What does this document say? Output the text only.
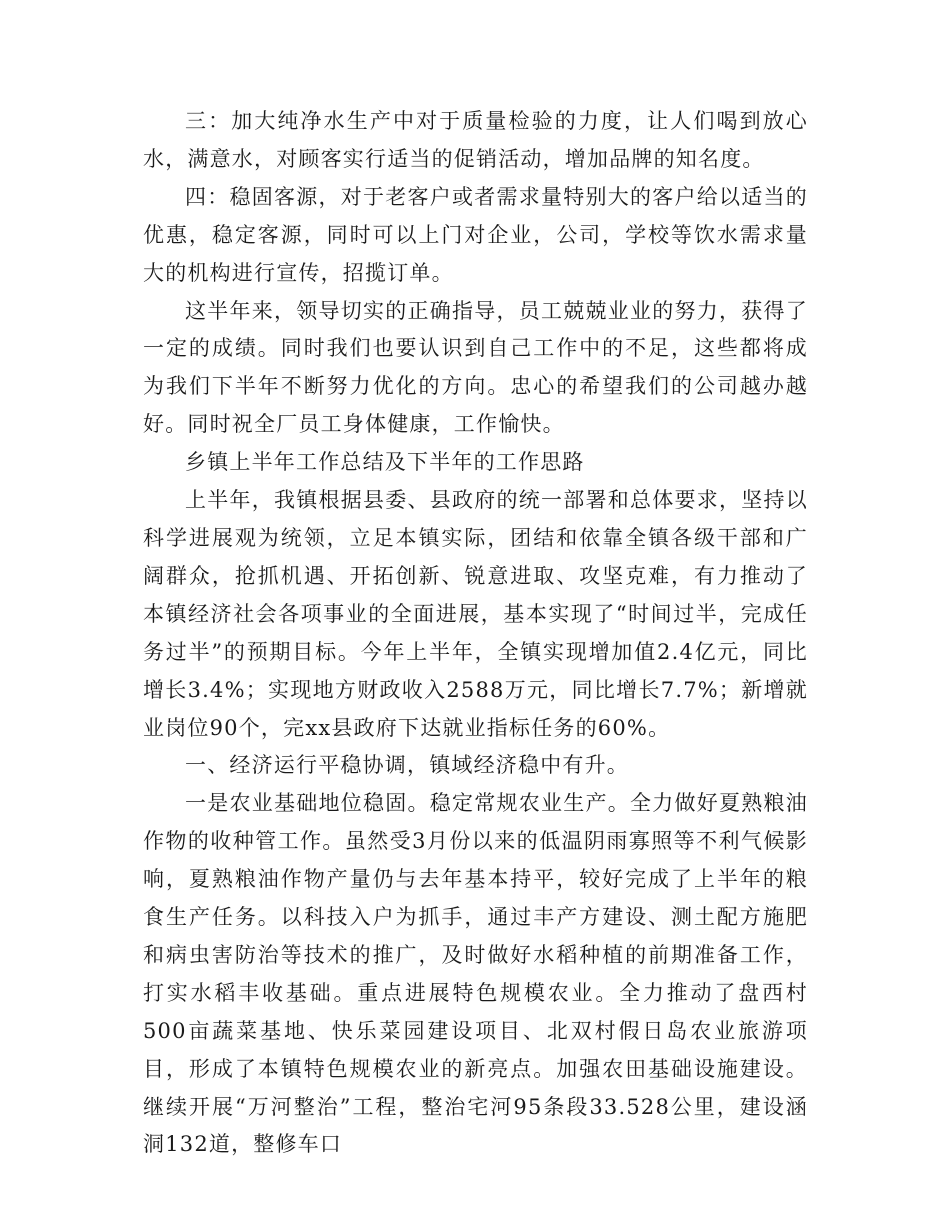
三：加大纯净水生产中对于质量检验的力度，让人们喝到放心水，满意水，对顾客实行适当的促销活动，增加品牌的知名度。

四：稳固客源，对于老客户或者需求量特别大的客户给以适当的优惠，稳定客源，同时可以上门对企业，公司，学校等饮水需求量大的机构进行宣传，招揽订单。

这半年来，领导切实的正确指导，员工兢兢业业的努力，获得了一定的成绩。同时我们也要认识到自己工作中的不足，这些都将成为我们下半年不断努力优化的方向。忠心的希望我们的公司越办越好。同时祝全厂员工身体健康，工作愉快。

乡镇上半年工作总结及下半年的工作思路

上半年，我镇根据县委、县政府的统一部署和总体要求，坚持以科学进展观为统领，立足本镇实际，团结和依靠全镇各级干部和广阔群众，抢抓机遇、开拓创新、锐意进取、攻坚克难，有力推动了本镇经济社会各项事业的全面进展，基本实现了“时间过半，完成任务过半”的预期目标。今年上半年，全镇实现增加值2.4亿元，同比增长3.4%；实现地方财政收入2588万元，同比增长7.7%；新增就业岗位90个，完xx县政府下达就业指标任务的60%。

一、经济运行平稳协调，镇域经济稳中有升。

一是农业基础地位稳固。稳定常规农业生产。全力做好夏熟粮油作物的收种管工作。虽然受3月份以来的低温阴雨寡照等不利气候影响，夏熟粮油作物产量仍与去年基本持平，较好完成了上半年的粮食生产任务。以科技入户为抓手，通过丰产方建设、测土配方施肥和病虫害防治等技术的推广，及时做好水稻种植的前期准备工作，打实水稻丰收基础。重点进展特色规模农业。全力推动了盘西村500亩蔬菜基地、快乐菜园建设项目、北双村假日岛农业旅游项目，形成了本镇特色规模农业的新亮点。加强农田基础设施建设。继续开展“万河整治”工程，整治宅河95条段33.528公里，建设涵洞132道，整修车口
